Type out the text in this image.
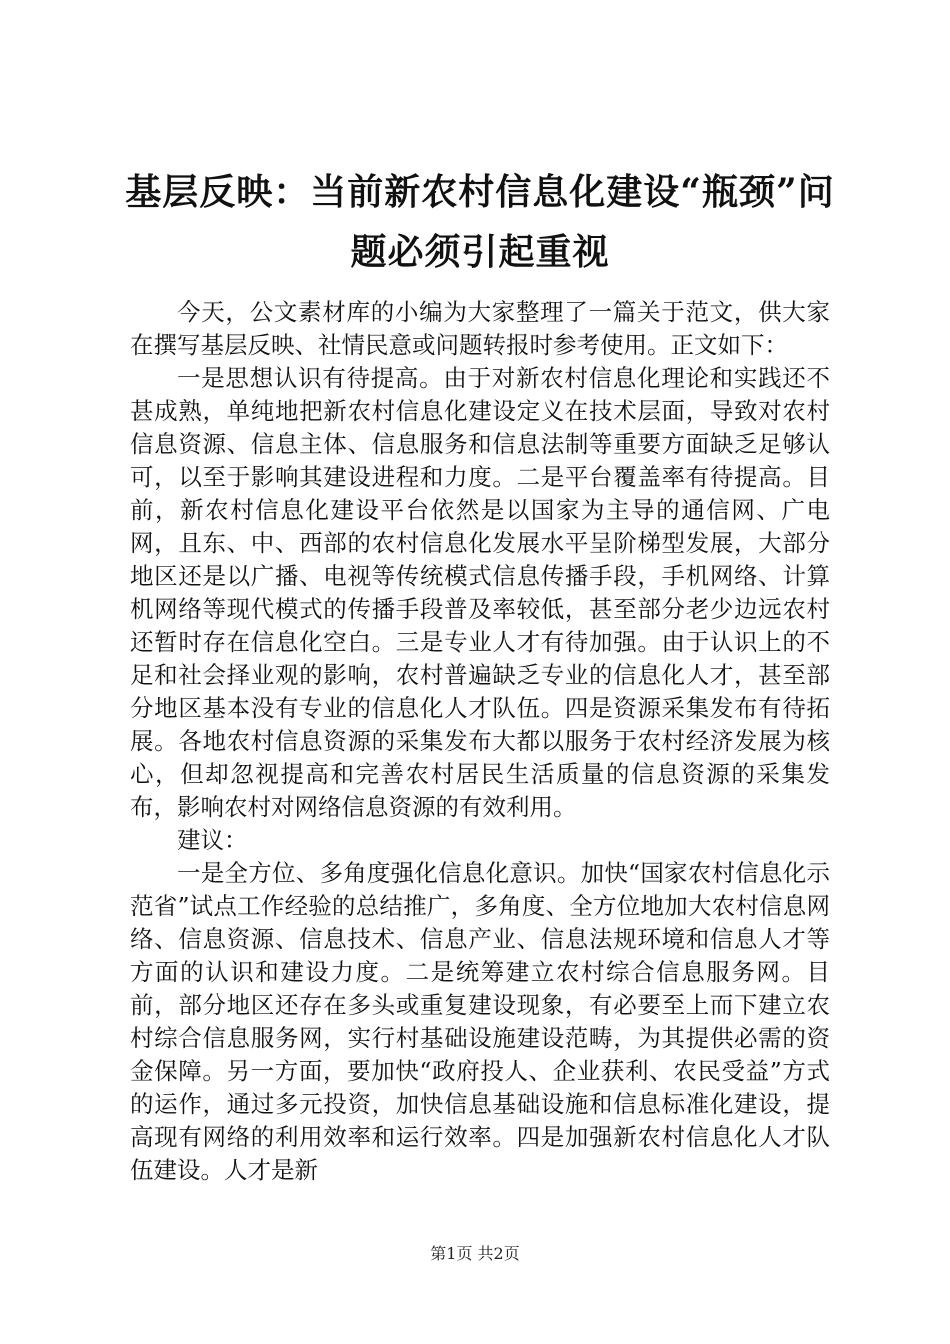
基层反映：当前新农村信息化建设“瓶颈”问题必须引起重视

今天，公文素材库的小编为大家整理了一篇关于范文，供大家在撰写基层反映、社情民意或问题转报时参考使用。正文如下：

一是思想认识有待提高。由于对新农村信息化理论和实践还不甚成熟，单纯地把新农村信息化建设定义在技术层面，导致对农村信息资源、信息主体、信息服务和信息法制等重要方面缺乏足够认可，以至于影响其建设进程和力度。二是平台覆盖率有待提高。目前，新农村信息化建设平台依然是以国家为主导的通信网、广电网，且东、中、西部的农村信息化发展水平呈阶梯型发展，大部分地区还是以广播、电视等传统模式信息传播手段，手机网络、计算机网络等现代模式的传播手段普及率较低，甚至部分老少边远农村还暂时存在信息化空白。三是专业人才有待加强。由于认识上的不足和社会择业观的影响，农村普遍缺乏专业的信息化人才，甚至部分地区基本没有专业的信息化人才队伍。四是资源采集发布有待拓展。各地农村信息资源的采集发布大都以服务于农村经济发展为核心，但却忽视提高和完善农村居民生活质量的信息资源的采集发布，影响农村对网络信息资源的有效利用。

建议：

一是全方位、多角度强化信息化意识。加快“国家农村信息化示范省”试点工作经验的总结推广，多角度、全方位地加大农村信息网络、信息资源、信息技术、信息产业、信息法规环境和信息人才等方面的认识和建设力度。二是统筹建立农村综合信息服务网。目前，部分地区还存在多头或重复建设现象，有必要至上而下建立农村综合信息服务网，实行村基础设施建设范畴，为其提供必需的资金保障。另一方面，要加快“政府投人、企业获利、农民受益”方式的运作，通过多元投资，加快信息基础设施和信息标准化建设，提高现有网络的利用效率和运行效率。四是加强新农村信息化人才队伍建设。人才是新

第1页 共2页
